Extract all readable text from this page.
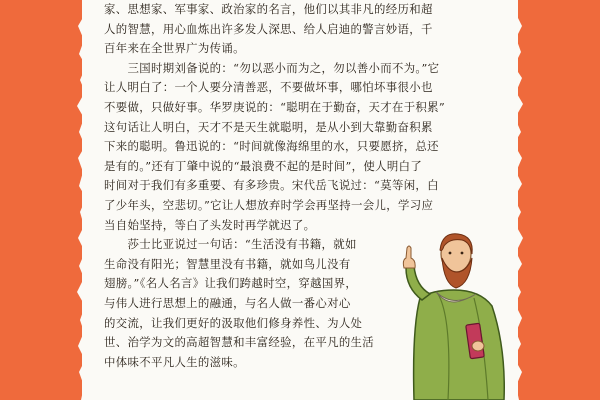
家、思想家、军事家、政治家的名言，他们以其非凡的经历和超
人的智慧，用心血炼出许多发人深思、给人启迪的警言妙语，千
百年来在全世界广为传诵。
　　三国时期刘备说的：“勿以恶小而为之，勿以善小而不为。”它
让人明白了：一个人要分清善恶，不要做坏事，哪怕坏事很小也
不要做，只做好事。华罗庚说的：“聪明在于勤奋，天才在于积累”
这句话让人明白，天才不是天生就聪明，是从小到大靠勤奋积累
下来的聪明。鲁迅说的：“时间就像海绵里的水，只要愿挤，总还
是有的。”还有丁肇中说的“最浪费不起的是时间”，使人明白了
时间对于我们有多重要、有多珍贵。宋代岳飞说过：“莫等闲，白
了少年头，空悲切。”它让人想放弃时学会再坚持一会儿，学习应
当自始坚持，等白了头发时再学就迟了。

　　莎士比亚说过一句话：“生活没有书籍，就如
生命没有阳光；智慧里没有书籍，就如鸟儿没有
翅膀。”《名人名言》让我们跨越时空，穿越国界，
与伟人进行思想上的融通，与名人做一番心对心
的交流，让我们更好的汲取他们修身养性、为人处
世、治学为文的高超智慧和丰富经验，在平凡的生活
中体味不平凡人生的滋味。
